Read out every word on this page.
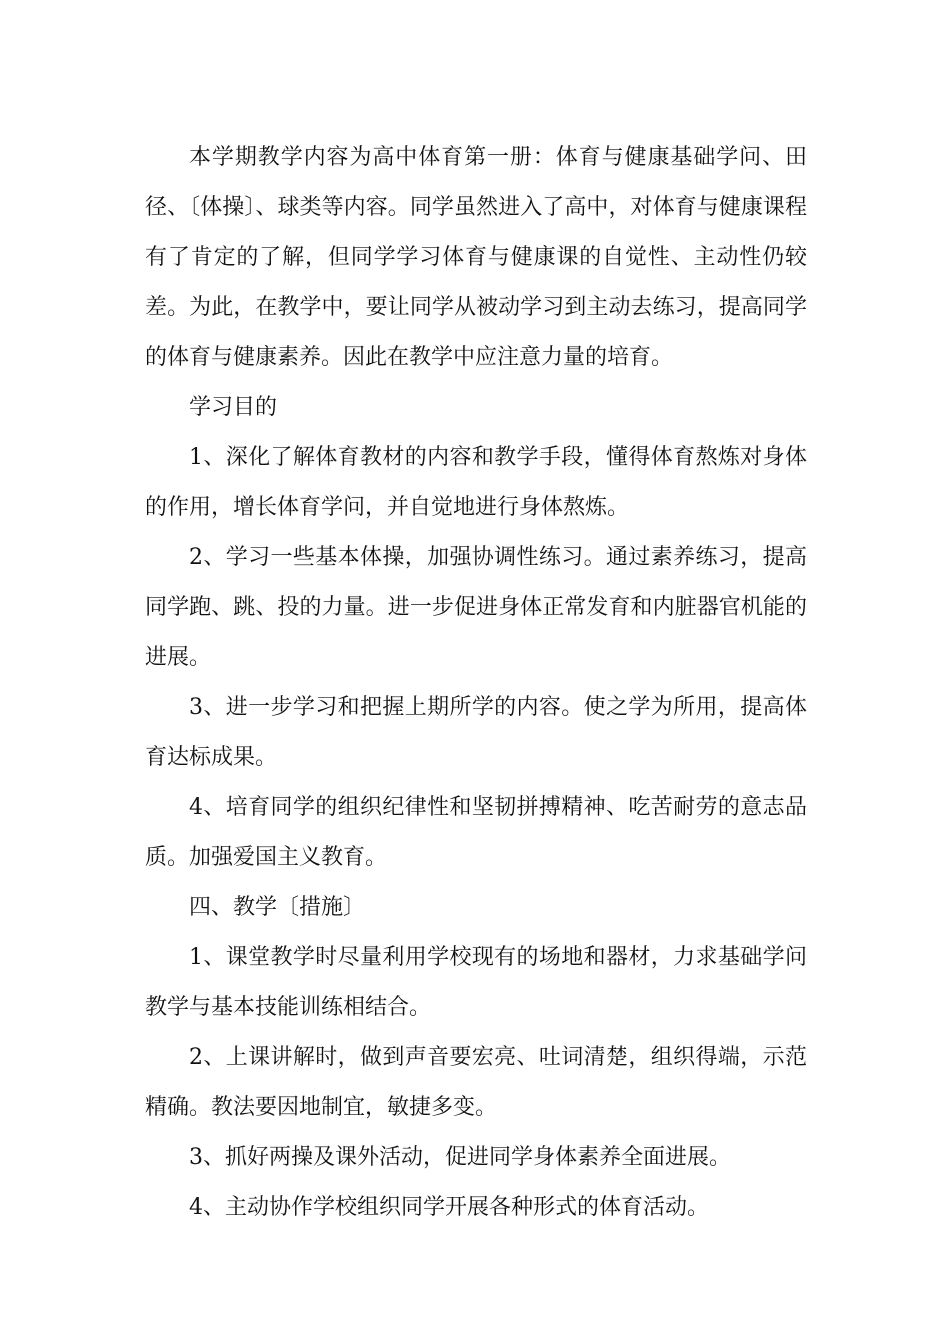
本学期教学内容为高中体育第一册：体育与健康基础学问、田径、〔体操〕、球类等内容。同学虽然进入了高中，对体育与健康课程有了肯定的了解，但同学学习体育与健康课的自觉性、主动性仍较差。为此，在教学中，要让同学从被动学习到主动去练习，提高同学的体育与健康素养。因此在教学中应注意力量的培育。

学习目的

1、深化了解体育教材的内容和教学手段，懂得体育熬炼对身体的作用，增长体育学问，并自觉地进行身体熬炼。

2、学习一些基本体操，加强协调性练习。通过素养练习，提高同学跑、跳、投的力量。进一步促进身体正常发育和内脏器官机能的进展。

3、进一步学习和把握上期所学的内容。使之学为所用，提高体育达标成果。

4、培育同学的组织纪律性和坚韧拼搏精神、吃苦耐劳的意志品质。加强爱国主义教育。

四、教学〔措施〕

1、课堂教学时尽量利用学校现有的场地和器材，力求基础学问教学与基本技能训练相结合。

2、上课讲解时，做到声音要宏亮、吐词清楚，组织得端，示范精确。教法要因地制宜，敏捷多变。

3、抓好两操及课外活动，促进同学身体素养全面进展。

4、主动协作学校组织同学开展各种形式的体育活动。
